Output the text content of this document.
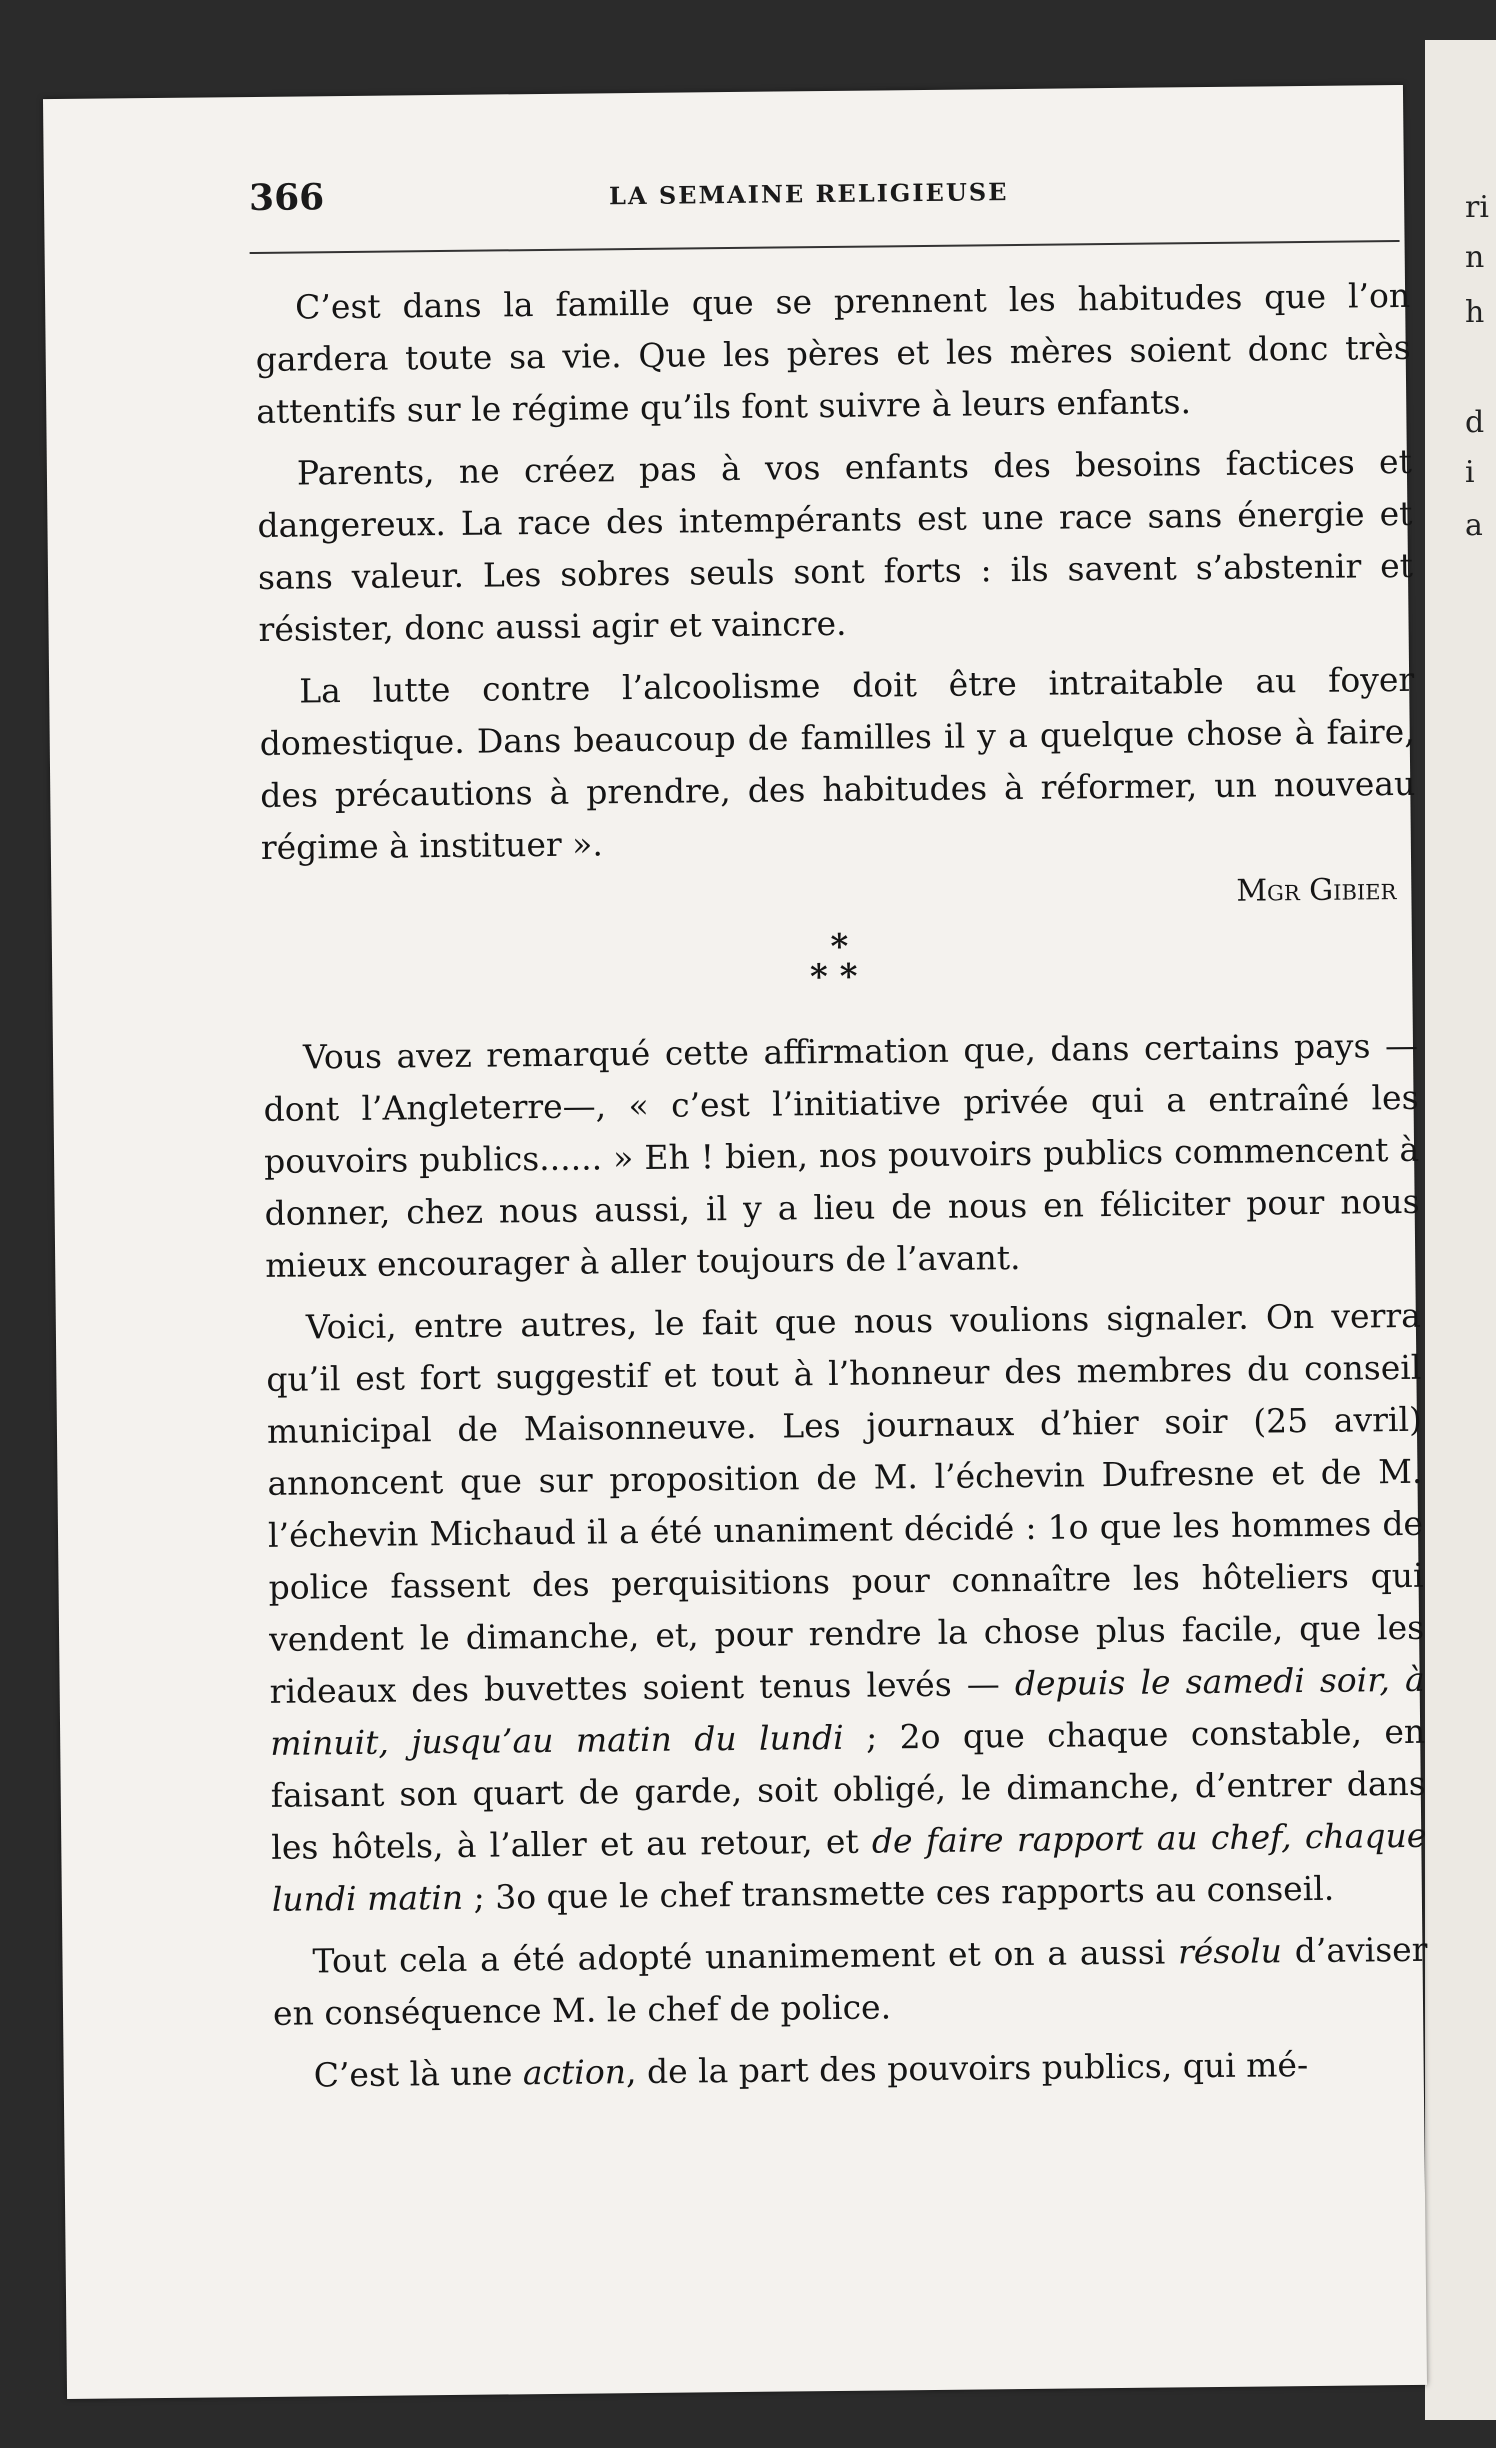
ri
n
h
d
i
a
366	LA SEMAINE RELIGIEUSE

C’est dans la famille que se prennent les habitudes que l’on gardera toute sa vie. Que les pères et les mères soient donc très attentifs sur le régime qu’ils font suivre à leurs enfants.

Parents, ne créez pas à vos enfants des besoins factices et dangereux. La race des intempérants est une race sans énergie et sans valeur. Les sobres seuls sont forts : ils savent s’abstenir et résister, donc aussi agir et vaincre.

La lutte contre l’alcoolisme doit être intraitable au foyer domestique. Dans beaucoup de familles il y a quelque chose à faire, des précautions à prendre, des habitudes à réformer, un nouveau régime à instituer ».

Mgr Gibier
*
**

Vous avez remarqué cette affirmation que, dans certains pays — dont l’Angleterre—, « c’est l’initiative privée qui a entraîné les pouvoirs publics...... » Eh ! bien, nos pouvoirs publics commencent à donner, chez nous aussi, il y a lieu de nous en féliciter pour nous mieux encourager à aller toujours de l’avant.

Voici, entre autres, le fait que nous voulions signaler. On verra qu’il est fort suggestif et tout à l’honneur des membres du conseil municipal de Maisonneuve. Les journaux d’hier soir (25 avril) annoncent que sur proposition de M. l’échevin Dufresne et de M. l’échevin Michaud il a été unaniment décidé : 1o que les hommes de police fassent des perquisitions pour connaître les hôteliers qui vendent le dimanche, et, pour rendre la chose plus facile, que les rideaux des buvettes soient tenus levés — depuis le samedi soir, à minuit, jusqu’au matin du lundi ; 2o que chaque constable, en faisant son quart de garde, soit obligé, le dimanche, d’entrer dans les hôtels, à l’aller et au retour, et de faire rapport au chef, chaque lundi matin ; 3o que le chef transmette ces rapports au conseil.

Tout cela a été adopté unanimement et on a aussi résolu d’aviser en conséquence M. le chef de police.

C’est là une action, de la part des pouvoirs publics, qui mé-
